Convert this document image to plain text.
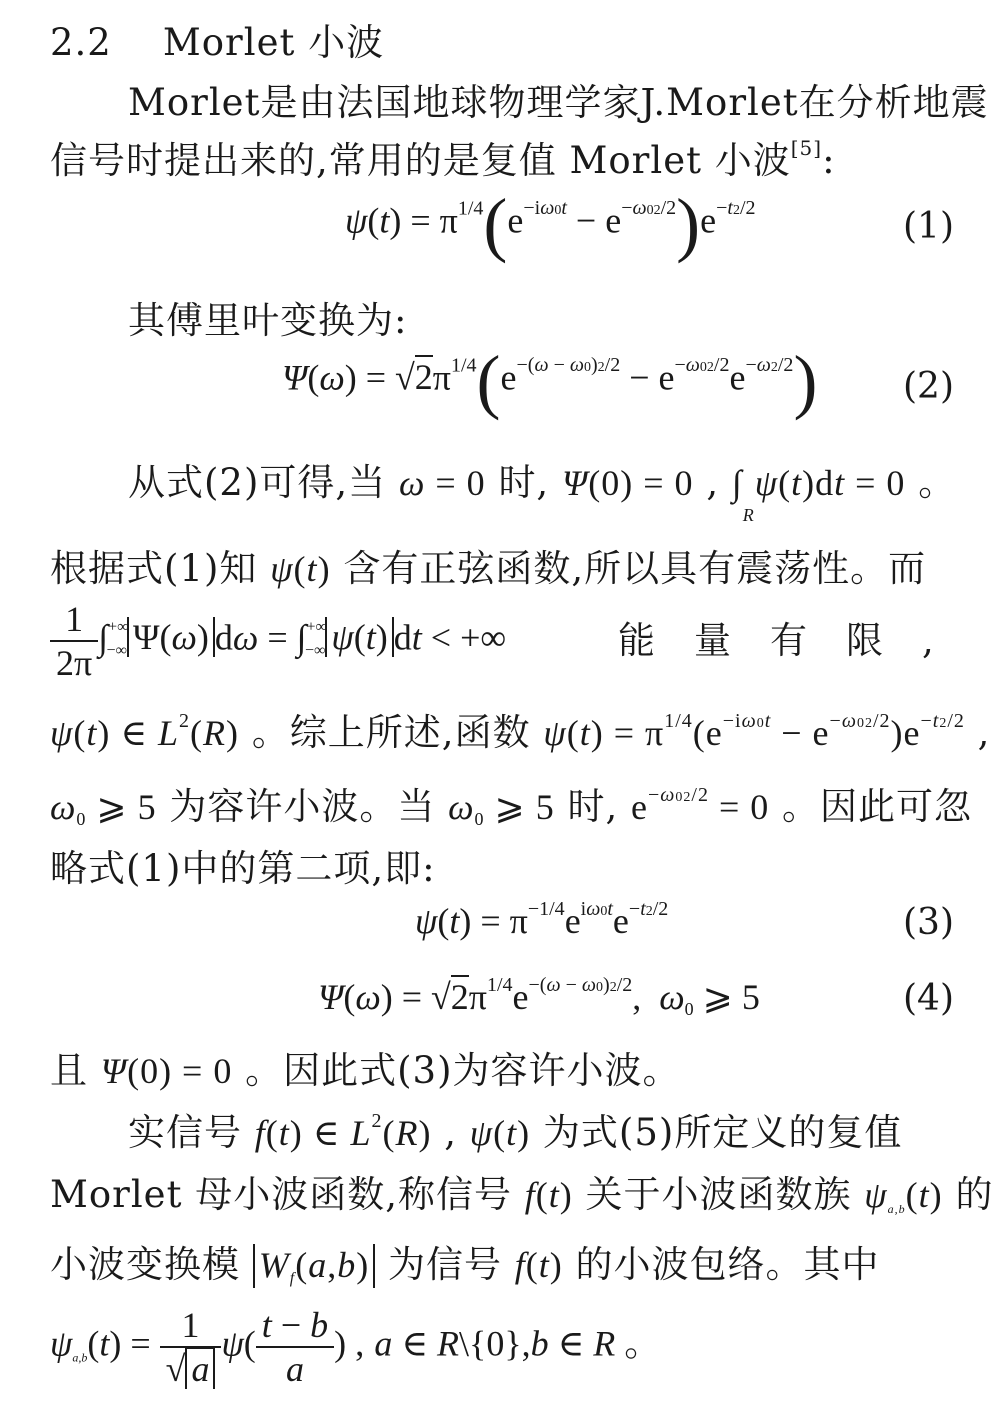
2.2 Morlet 小波
Morlet是由法国地球物理学家J.Morlet在分析地震
信号时提出来的,常用的是复值 Morlet 小波[5]:
$\psi(t) = \pi^{1/4}(e^{-i\omega 0t} - e^{-\omega 02/2})e^{-t2/2}$	(1)
其傅里叶变换为:
$\Psi(\omega) = √2\pi^{1/4}(e^{-(\omega - \omega 0)2/2} - e^{-\omega 02/2}e^{-\omega 2/2})$ (2)
从式(2)可得,当 ω = 0 时, Ψ(0) = 0 , $\int_R\psi(t)dt = 0$ 。
根据式(1)知 ψ(t) 含有正弦函数,所以具有震荡性。而
$\frac{1}{2\pi} \int^{+\infty}_{-\infty}$ Ψ(ω) $d\omega = \int^{+\infty}_{-\infty}$ ψ(t) dt < +∞	能　量　有　限　,
ψ(t) ∈ $L^2(R)$ 。综上所述,函数 $\psi(t) = \pi^{1/4}(e^{-i\omega 0t} - e^{-\omega 02/2})e^{-t2/2}$ ,
$\omega_0$ ⩾ 5 为容许小波。当 $\omega_0$ ⩾ 5 时, $e^{-\omega 02/2} = 0$ 。因此可忽
略式(1)中的第二项,即:
$\psi(t) = \pi^{-1/4}e^{i\omega 0t}e^{-t2/2}$	(3)
$\Psi(\omega) = √2\pi^{1/4}e^{-(\omega - \omega 0)2/2}$,  $\omega_0$ ⩾ 5	(4)
且 Ψ(0) = 0 。因此式(3)为容许小波。
实信号 f(t) ∈ $L^2(R)$ , ψ(t) 为式(5)所定义的复值
Morlet 母小波函数,称信号 f(t) 关于小波函数族 $\psi_{a,b}(t)$ 的
小波变换模 $W_f(a,b)$ 为信号 f(t) 的小波包络。其中
$\psi_{a,b}(t) = \frac{1}{√ a} \psi( \frac{t - b}{a}$ ) , a ∈ R\{0},b ∈ R 。
